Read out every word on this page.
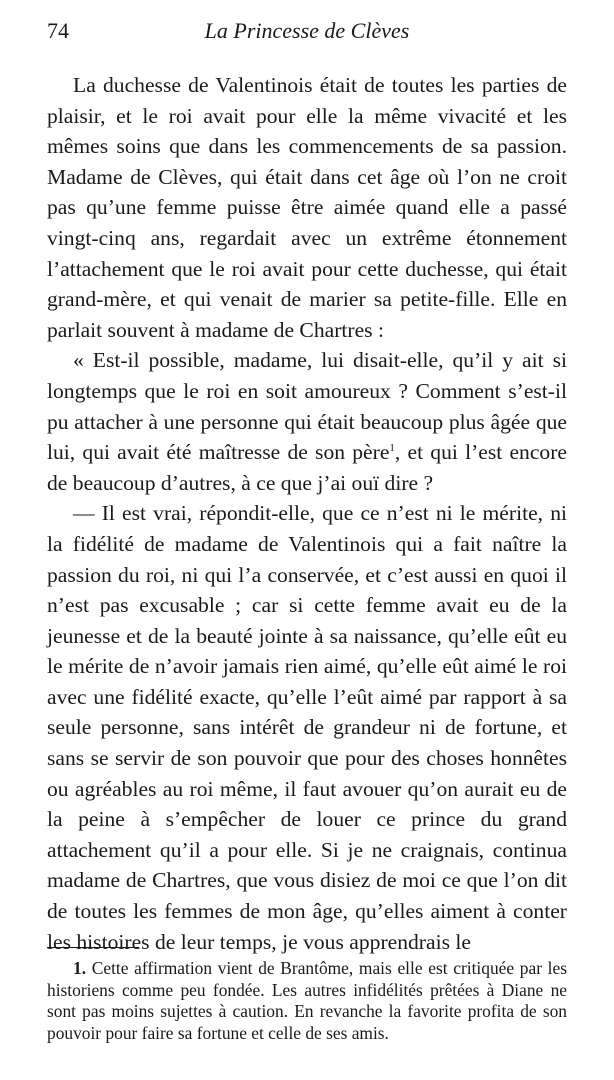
74	La Princesse de Clèves

La duchesse de Valentinois était de toutes les parties de plaisir, et le roi avait pour elle la même vivacité et les mêmes soins que dans les commencements de sa passion. Madame de Clèves, qui était dans cet âge où l’on ne croit pas qu’une femme puisse être aimée quand elle a passé vingt-cinq ans, regardait avec un extrême étonnement l’attachement que le roi avait pour cette duchesse, qui était grand-mère, et qui venait de marier sa petite-fille. Elle en parlait souvent à madame de Chartres :

« Est-il possible, madame, lui disait-elle, qu’il y ait si longtemps que le roi en soit amoureux ? Comment s’est-il pu attacher à une personne qui était beaucoup plus âgée que lui, qui avait été maîtresse de son père$^1$, et qui l’est encore de beaucoup d’autres, à ce que j’ai ouï dire ?

— Il est vrai, répondit-elle, que ce n’est ni le mérite, ni la fidélité de madame de Valentinois qui a fait naître la passion du roi, ni qui l’a conservée, et c’est aussi en quoi il n’est pas excusable ; car si cette femme avait eu de la jeunesse et de la beauté jointe à sa naissance, qu’elle eût eu le mérite de n’avoir jamais rien aimé, qu’elle eût aimé le roi avec une fidélité exacte, qu’elle l’eût aimé par rapport à sa seule personne, sans intérêt de grandeur ni de fortune, et sans se servir de son pouvoir que pour des choses honnêtes ou agréables au roi même, il faut avouer qu’on aurait eu de la peine à s’empêcher de louer ce prince du grand attachement qu’il a pour elle. Si je ne craignais, continua madame de Chartres, que vous disiez de moi ce que l’on dit de toutes les femmes de mon âge, qu’elles aiment à conter les histoires de leur temps, je vous apprendrais le

1. Cette affirmation vient de Brantôme, mais elle est critiquée par les historiens comme peu fondée. Les autres infidélités prêtées à Diane ne sont pas moins sujettes à caution. En revanche la favorite profita de son pouvoir pour faire sa fortune et celle de ses amis.
